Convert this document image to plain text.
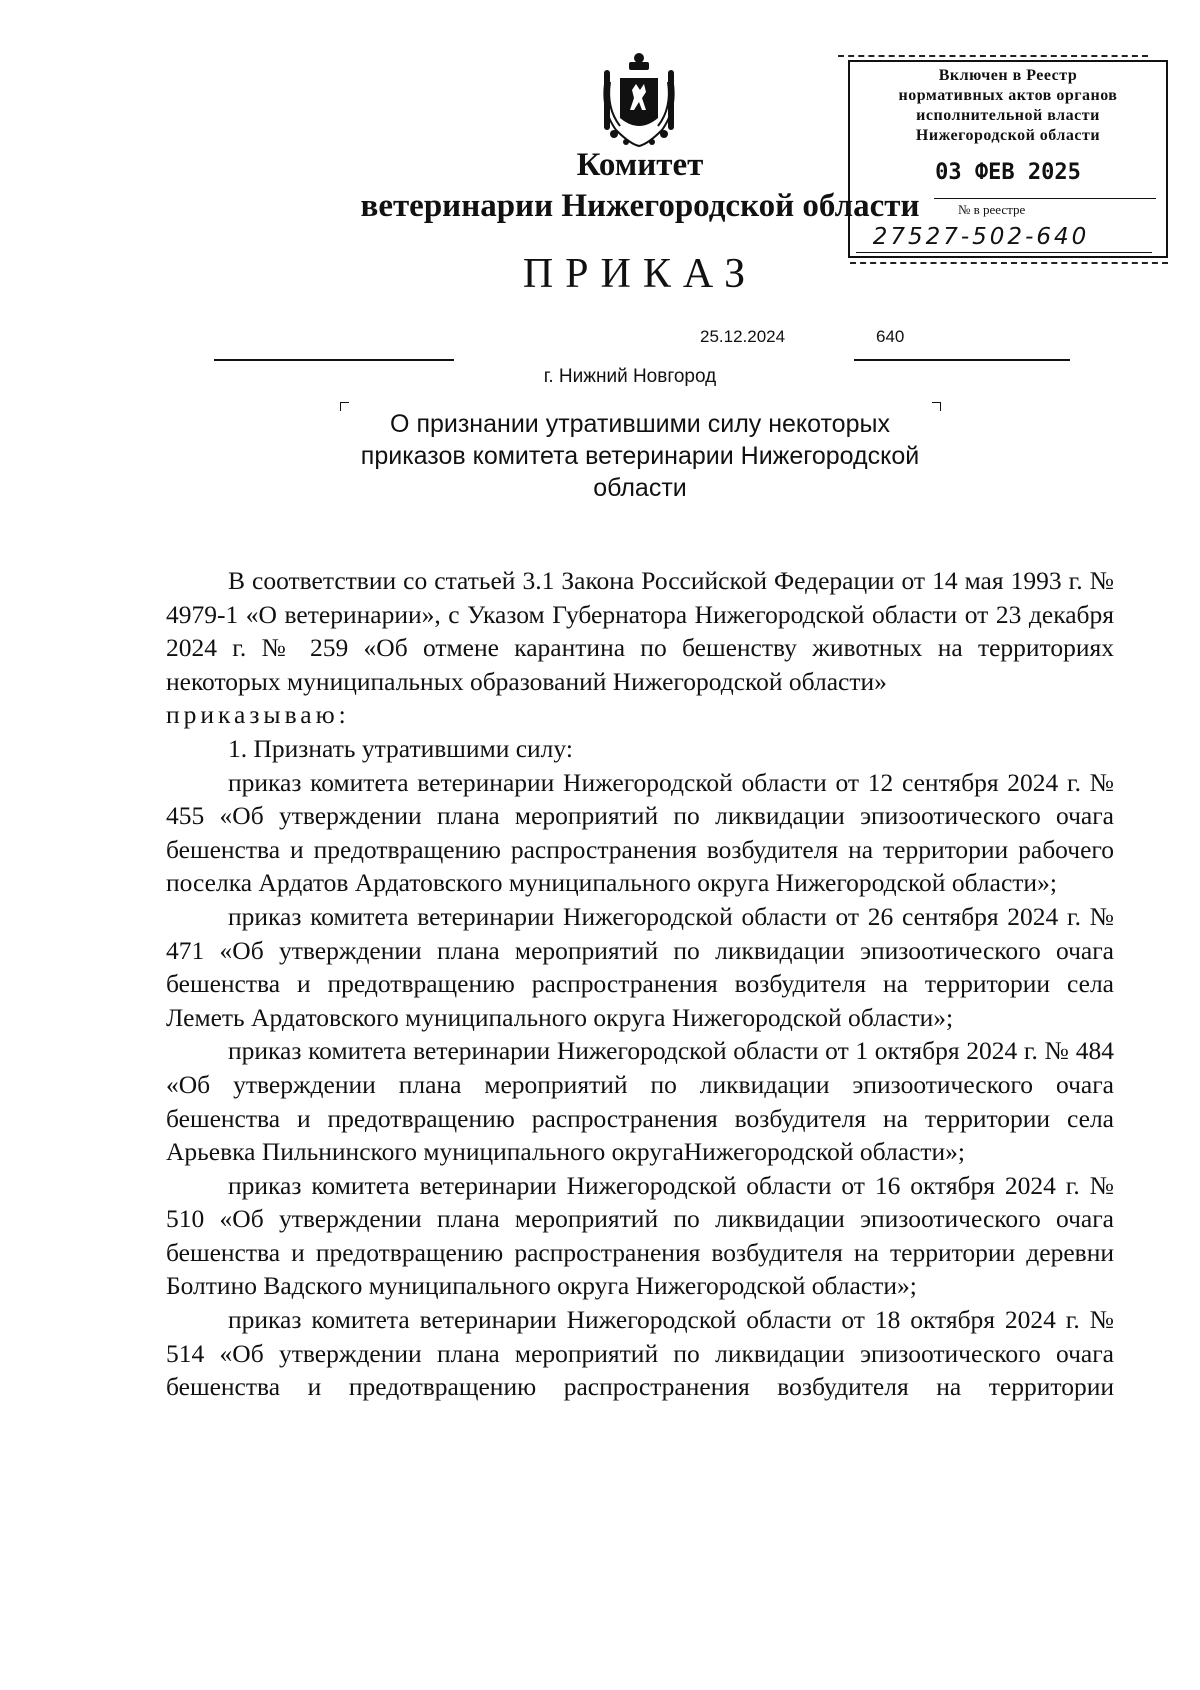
Комитет
ветеринарии Нижегородской области
ПРИКАЗ
Включен в Реестр
нормативных актов органов
исполнительной власти
Нижегородской области
03 ФЕВ 2025
№ в реестре
27527-502-640
25.12.2024	640
г. Нижний Новгород
О признании утратившими силу некоторых
приказов комитета ветеринарии Нижегородской
области

В соответствии со статьей 3.1 Закона Российской Федерации от 14 мая 1993 г. № 4979-1 «О ветеринарии», с Указом Губернатора Нижегородской области от 23 декабря 2024 г. № 259 «Об отмене карантина по бешенству животных на территориях некоторых муниципальных образований Нижегородской области»

приказываю:

1. Признать утратившими силу:

приказ комитета ветеринарии Нижегородской области от 12 сентября 2024 г. № 455 «Об утверждении плана мероприятий по ликвидации эпизоотического очага бешенства и предотвращению распространения возбудителя на территории рабочего поселка Ардатов Ардатовского муниципального округа Нижегородской области»;

приказ комитета ветеринарии Нижегородской области от 26 сентября 2024 г. № 471 «Об утверждении плана мероприятий по ликвидации эпизоотического очага бешенства и предотвращению распространения возбудителя на территории села Леметь Ардатовского муниципального округа Нижегородской области»;

приказ комитета ветеринарии Нижегородской области от 1 октября 2024 г. № 484 «Об утверждении плана мероприятий по ликвидации эпизоотического очага бешенства и предотвращению распространения возбудителя на территории села Арьевка Пильнинского муниципального округаНижегородской области»;

приказ комитета ветеринарии Нижегородской области от 16 октября 2024 г. № 510 «Об утверждении плана мероприятий по ликвидации эпизоотического очага бешенства и предотвращению распространения возбудителя на территории деревни Болтино Вадского муниципального округа Нижегородской области»;

приказ комитета ветеринарии Нижегородской области от 18 октября 2024 г. № 514 «Об утверждении плана мероприятий по ликвидации эпизоотического очага бешенства и предотвращению распространения возбудителя на территории
